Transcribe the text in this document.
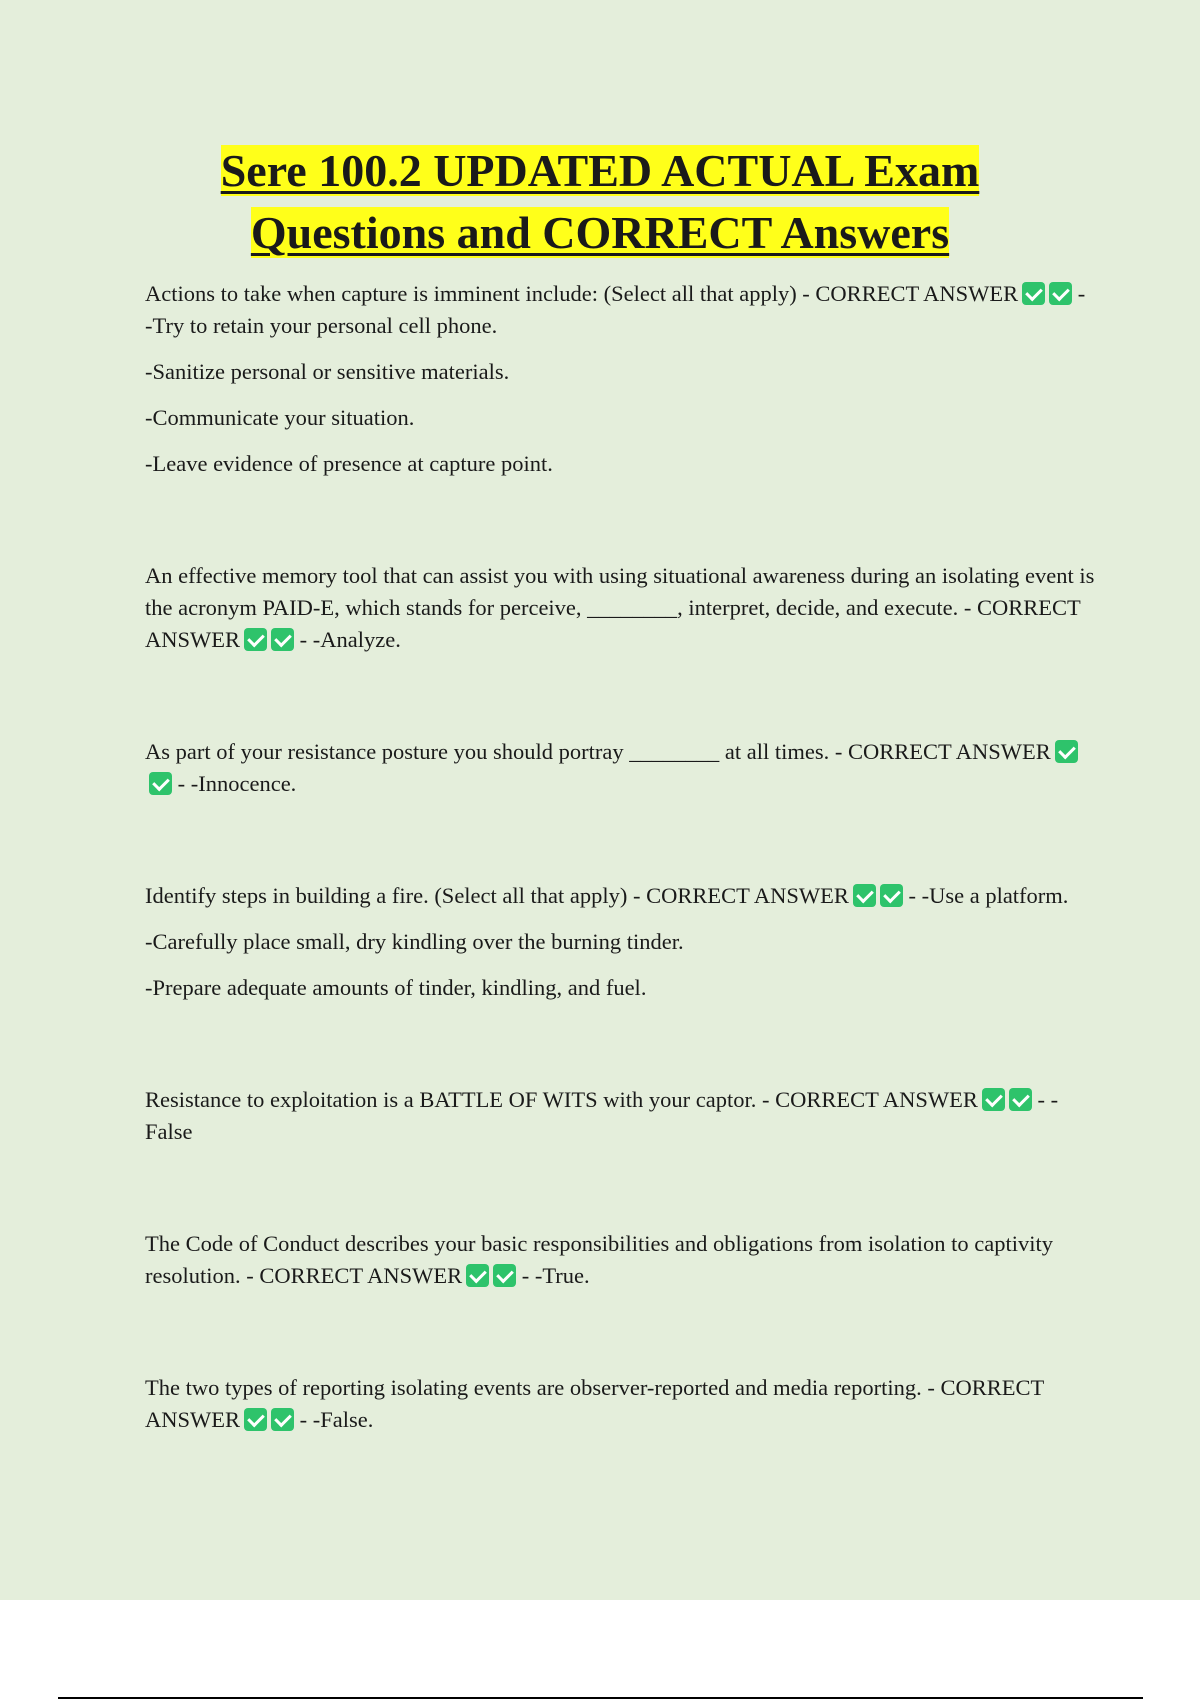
Sere 100.2 UPDATED ACTUAL Exam
Questions and CORRECT Answers

Actions to take when capture is imminent include: (Select all that apply) - CORRECT ANSWER - -Try to retain your personal cell phone.

-Sanitize personal or sensitive materials.

-Communicate your situation.

-Leave evidence of presence at capture point.

An effective memory tool that can assist you with using situational awareness during an isolating event is the acronym PAID-E, which stands for perceive, ________, interpret, decide, and execute. - CORRECT ANSWER - -Analyze.

As part of your resistance posture you should portray ________ at all times. - CORRECT ANSWER - -Innocence.

Identify steps in building a fire. (Select all that apply) - CORRECT ANSWER - -Use a platform.

-Carefully place small, dry kindling over the burning tinder.

-Prepare adequate amounts of tinder, kindling, and fuel.

Resistance to exploitation is a BATTLE OF WITS with your captor. - CORRECT ANSWER - -False

The Code of Conduct describes your basic responsibilities and obligations from isolation to captivity resolution. - CORRECT ANSWER - -True.

The two types of reporting isolating events are observer-reported and media reporting. - CORRECT ANSWER - -False.
